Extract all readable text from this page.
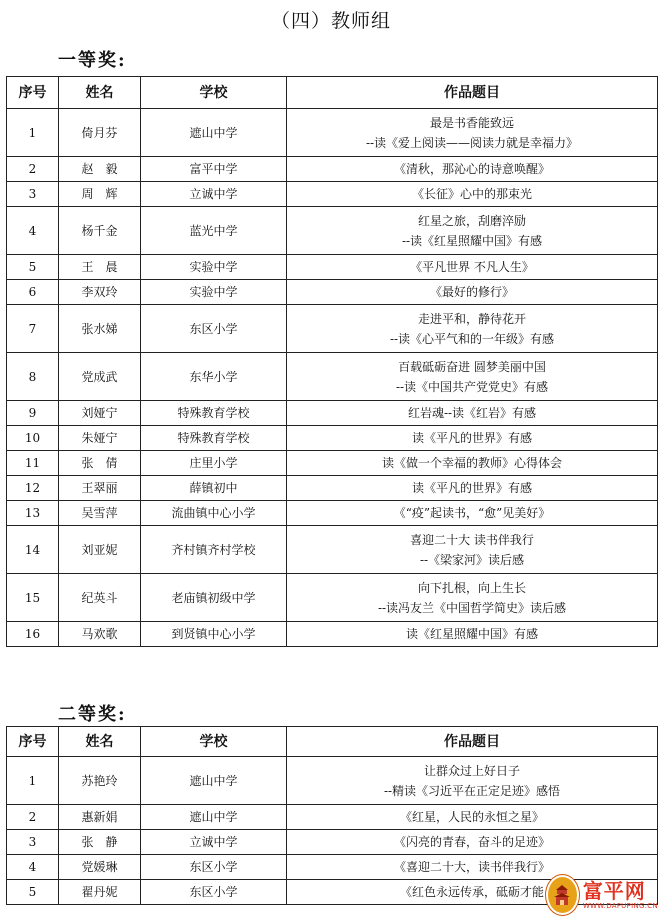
（四）教师组
一等奖:
序号	姓名	学校	作品题目
1	倚月芬	遮山中学	最是书香能致远
--读《爱上阅读——阅读力就是幸福力》

2	赵　毅	富平中学	《清秋，那沁心的诗意唤醒》

3	周　辉	立诚中学	《长征》心中的那束光

4	杨千金	蓝光中学	红星之旅，刮磨淬励
--读《红星照耀中国》有感

5	王　晨	实验中学	《平凡世界 不凡人生》

6	李双玲	实验中学	《最好的修行》

7	张水娣	东区小学	走进平和，静待花开
--读《心平气和的一年级》有感

8	党成武	东华小学	百载砥砺奋进 圆梦美丽中国
--读《中国共产党党史》有感

9	刘娅宁	特殊教育学校	红岩魂--读《红岩》有感

10	朱娅宁	特殊教育学校	读《平凡的世界》有感

11	张　倩	庄里小学	读《做一个幸福的教师》心得体会

12	王翠丽	薛镇初中	读《平凡的世界》有感

13	吴雪萍	流曲镇中心小学	《“疫”起读书，“愈”见美好》

14	刘亚妮	齐村镇齐村学校	喜迎二十大 读书伴我行
--《梁家河》读后感

15	纪英斗	老庙镇初级中学	向下扎根，向上生长
--读冯友兰《中国哲学简史》读后感

16	马欢歌	到贤镇中心小学	读《红星照耀中国》有感
二等奖:
序号	姓名	学校	作品题目
1	苏艳玲	遮山中学	让群众过上好日子
--精读《习近平在正定足迹》感悟

2	惠新娟	遮山中学	《红星，人民的永恒之星》

3	张　静	立诚中学	《闪亮的青春，奋斗的足迹》

4	党媛琳	东区小学	《喜迎二十大，读书伴我行》

5	翟丹妮	东区小学	《红色永远传承，砥砺才能	富平网
WWW.DAFUPING.CN
